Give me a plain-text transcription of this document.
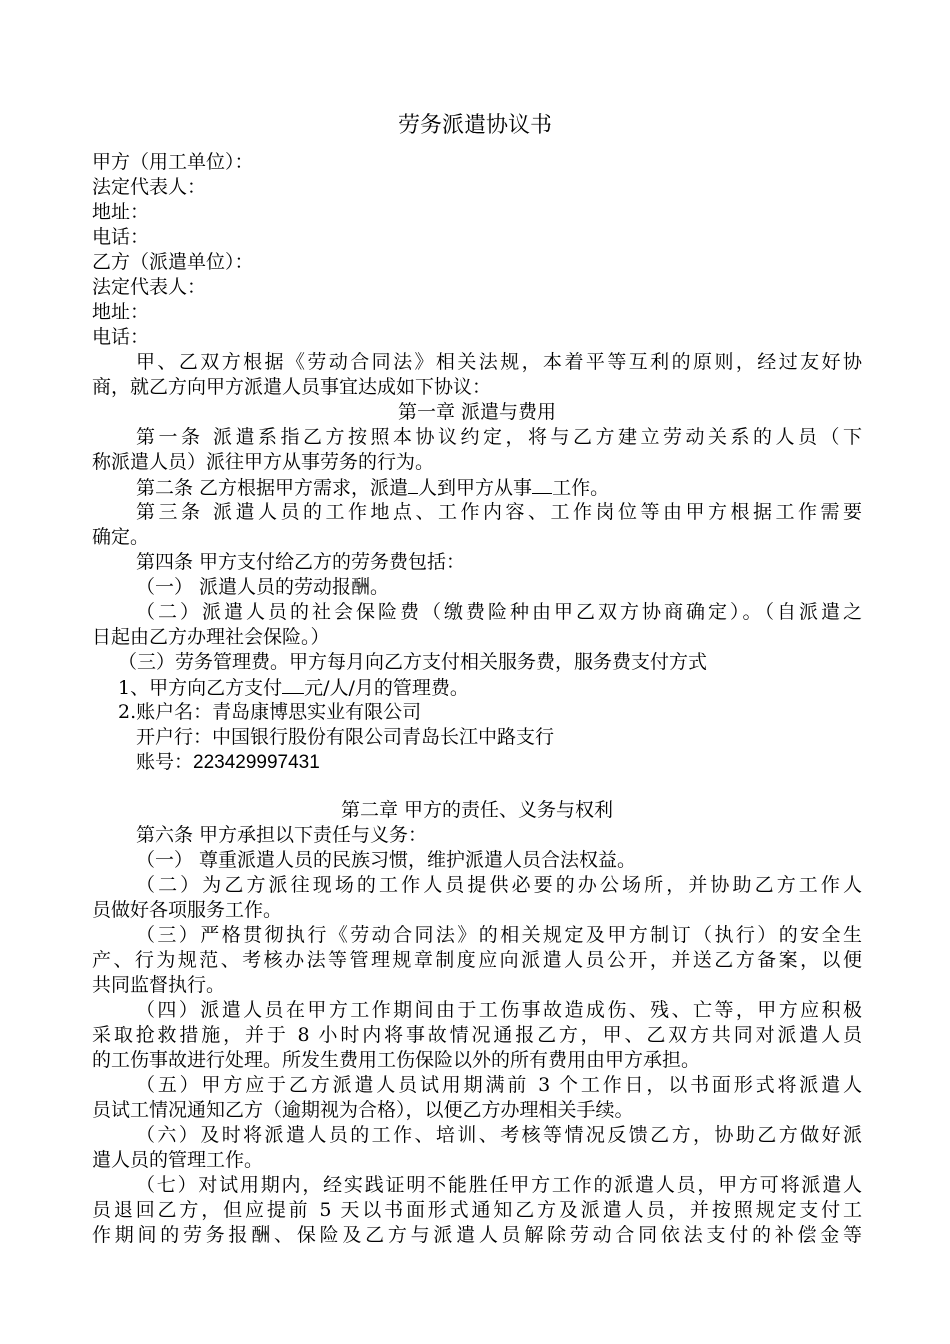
劳务派遣协议书
甲方（用工单位）：
法定代表人：
地址：
电话：
乙方（派遣单位）：
法定代表人：
地址：
电话：
甲、乙双方根据《劳动合同法》相关法规，本着平等互利的原则，经过友好协
商，就乙方向甲方派遣人员事宜达成如下协议：
第一章 派遣与费用
第一条 派遣系指乙方按照本协议约定，将与乙方建立劳动关系的人员（下
称派遣人员）派往甲方从事劳务的行为。
第二条 乙方根据甲方需求，派遣 人到甲方从事 工作。
第三条 派遣人员的工作地点、工作内容、工作岗位等由甲方根据工作需要
确定。
第四条 甲方支付给乙方的劳务费包括：
（一） 派遣人员的劳动报酬。
（二）派遣人员的社会保险费（缴费险种由甲乙双方协商确定）。（自派遣之
日起由乙方办理社会保险。）
（三）劳务管理费。甲方每月向乙方支付相关服务费，服务费支付方式
1、甲方向乙方支付 元/人/月的管理费。
2.账户名：青岛康博思实业有限公司
开户行：中国银行股份有限公司青岛长江中路支行
账号：223429997431
第二章 甲方的责任、义务与权利
第六条 甲方承担以下责任与义务：
（一） 尊重派遣人员的民族习惯，维护派遣人员合法权益。
（二）为乙方派往现场的工作人员提供必要的办公场所，并协助乙方工作人
员做好各项服务工作。
（三）严格贯彻执行《劳动合同法》的相关规定及甲方制订（执行）的安全生
产、行为规范、考核办法等管理规章制度应向派遣人员公开，并送乙方备案，以便
共同监督执行。
（四）派遣人员在甲方工作期间由于工伤事故造成伤、残、亡等，甲方应积极
采取抢救措施，并于 8 小时内将事故情况通报乙方，甲、乙双方共同对派遣人员
的工伤事故进行处理。所发生费用工伤保险以外的所有费用由甲方承担。
（五）甲方应于乙方派遣人员试用期满前 3 个工作日，以书面形式将派遣人
员试工情况通知乙方（逾期视为合格），以便乙方办理相关手续。
（六）及时将派遣人员的工作、培训、考核等情况反馈乙方，协助乙方做好派
遣人员的管理工作。
（七）对试用期内，经实践证明不能胜任甲方工作的派遣人员，甲方可将派遣人
员退回乙方，但应提前 5 天以书面形式通知乙方及派遣人员，并按照规定支付工
作期间的劳务报酬、保险及乙方与派遣人员解除劳动合同依法支付的补偿金等
